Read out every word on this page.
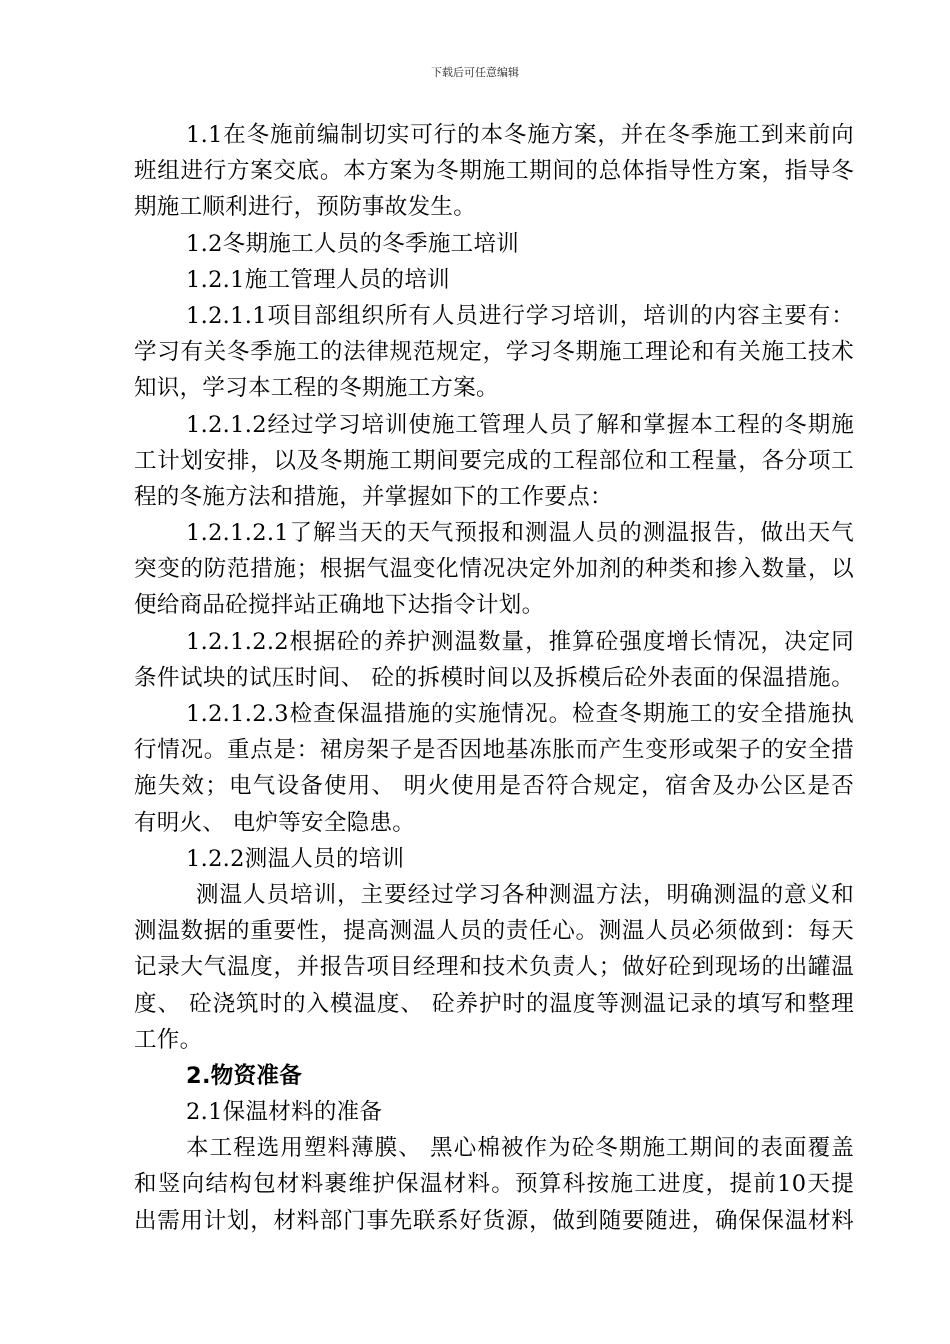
下载后可任意编辑
1.1在冬施前编制切实可行的本冬施方案，并在冬季施工到来前向
班组进行方案交底。本方案为冬期施工期间的总体指导性方案，指导冬
期施工顺利进行，预防事故发生。
1.2冬期施工人员的冬季施工培训
1.2.1施工管理人员的培训
1.2.1.1项目部组织所有人员进行学习培训，培训的内容主要有：
学习有关冬季施工的法律规范规定，学习冬期施工理论和有关施工技术
知识，学习本工程的冬期施工方案。
1.2.1.2经过学习培训使施工管理人员了解和掌握本工程的冬期施
工计划安排，以及冬期施工期间要完成的工程部位和工程量，各分项工
程的冬施方法和措施，并掌握如下的工作要点：
1.2.1.2.1了解当天的天气预报和测温人员的测温报告，做出天气
突变的防范措施；根据气温变化情况决定外加剂的种类和掺入数量，以
便给商品砼搅拌站正确地下达指令计划。
1.2.1.2.2根据砼的养护测温数量，推算砼强度增长情况，决定同
条件试块的试压时间、 砼的拆模时间以及拆模后砼外表面的保温措施。
1.2.1.2.3检查保温措施的实施情况。检查冬期施工的安全措施执
行情况。重点是：裙房架子是否因地基冻胀而产生变形或架子的安全措
施失效；电气设备使用、 明火使用是否符合规定，宿舍及办公区是否
有明火、 电炉等安全隐患。
1.2.2测温人员的培训
测温人员培训，主要经过学习各种测温方法，明确测温的意义和
测温数据的重要性，提高测温人员的责任心。测温人员必须做到：每天
记录大气温度，并报告项目经理和技术负责人；做好砼到现场的出罐温
度、 砼浇筑时的入模温度、 砼养护时的温度等测温记录的填写和整理
工作。
2.物资准备
2.1保温材料的准备
本工程选用塑料薄膜、 黑心棉被作为砼冬期施工期间的表面覆盖
和竖向结构包材料裹维护保温材料。预算科按施工进度，提前10天提
出需用计划，材料部门事先联系好货源，做到随要随进，确保保温材料
